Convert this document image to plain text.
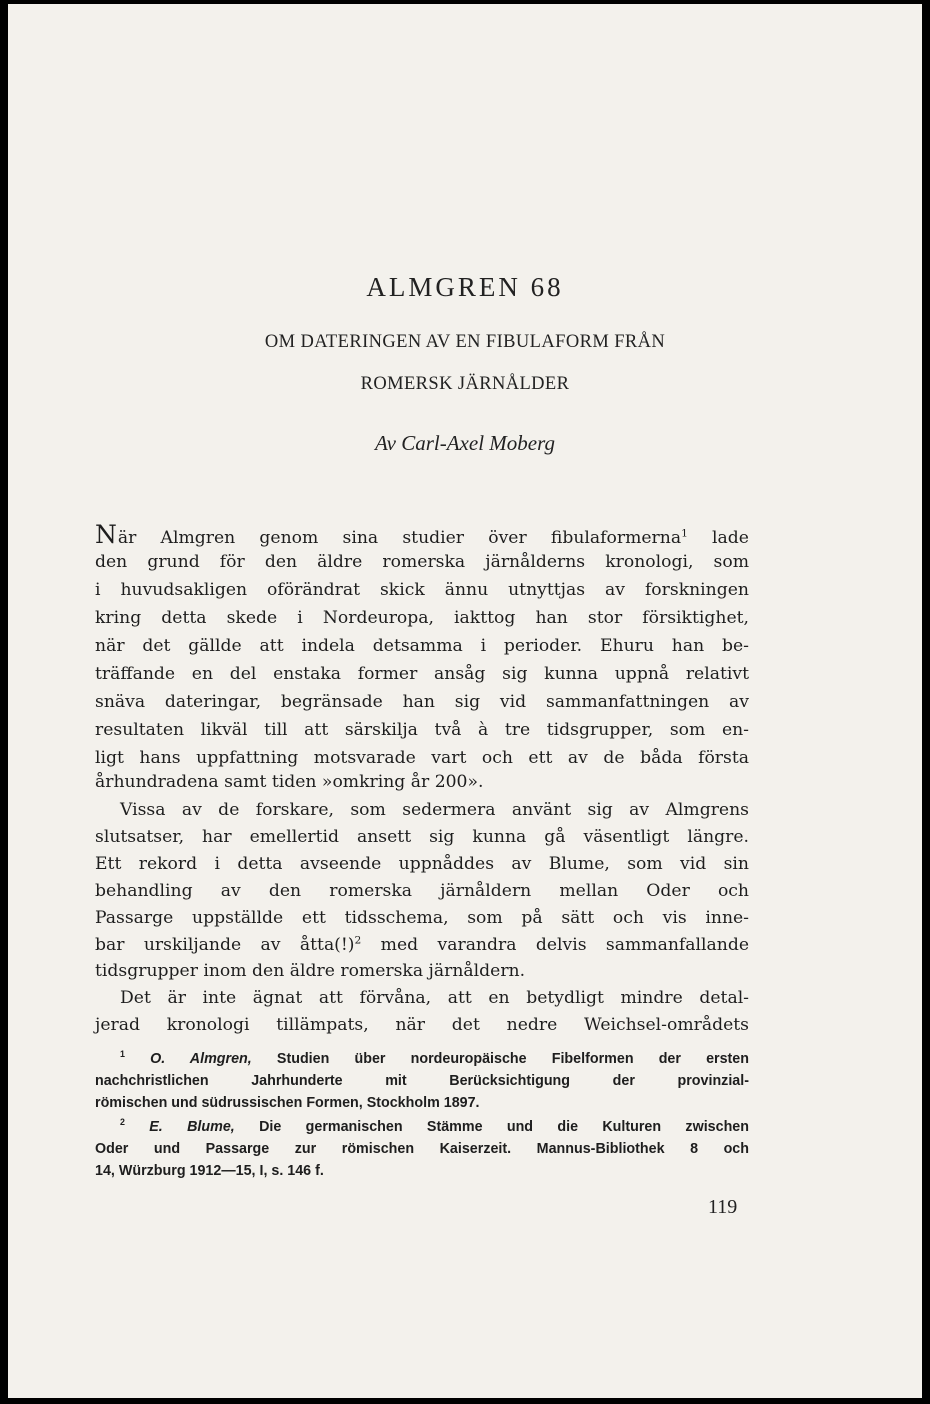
ALMGREN 68
OM DATERINGEN AV EN FIBULAFORM FRÅN
ROMERSK JÄRNÅLDER
Av Carl-Axel Moberg
När Almgren genom sina studier över fibulaformerna$^1$ lade
den grund för den äldre romerska järnålderns kronologi, som
i huvudsakligen oförändrat skick ännu utnyttjas av forskningen
kring detta skede i Nordeuropa, iakttog han stor försiktighet,
när det gällde att indela detsamma i perioder. Ehuru han be-
träffande en del enstaka former ansåg sig kunna uppnå relativt
snäva dateringar, begränsade han sig vid sammanfattningen av
resultaten likväl till att särskilja två à tre tidsgrupper, som en-
ligt hans uppfattning motsvarade vart och ett av de båda första
århundradena samt tiden »omkring år 200».
Vissa av de forskare, som sedermera använt sig av Almgrens
slutsatser, har emellertid ansett sig kunna gå väsentligt längre.
Ett rekord i detta avseende uppnåddes av Blume, som vid sin
behandling av den romerska järnåldern mellan Oder och
Passarge uppställde ett tidsschema, som på sätt och vis inne-
bar urskiljande av åtta(!)$^2$ med varandra delvis sammanfallande
tidsgrupper inom den äldre romerska järnåldern.
Det är inte ägnat att förvåna, att en betydligt mindre detal-
jerad kronologi tillämpats, när det nedre Weichsel-områdets
$^1$ O. Almgren, Studien über nordeuropäische Fibelformen der ersten
nachchristlichen Jahrhunderte mit Berücksichtigung der provinzial-
römischen und südrussischen Formen, Stockholm 1897.
$^2$ E. Blume, Die germanischen Stämme und die Kulturen zwischen
Oder und Passarge zur römischen Kaiserzeit. Mannus-Bibliothek 8 och
14, Würzburg 1912—15, I, s. 146 f.
119
